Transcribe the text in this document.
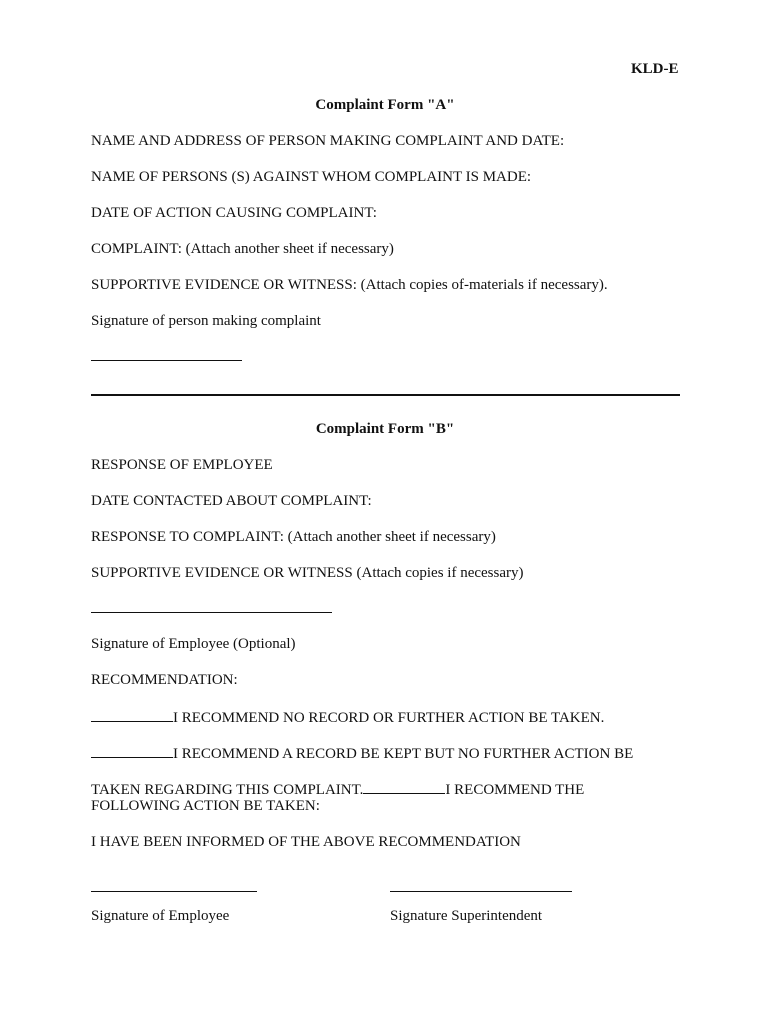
KLD-E
Complaint Form "A"
NAME AND ADDRESS OF PERSON MAKING COMPLAINT AND DATE:
NAME OF PERSONS (S) AGAINST WHOM COMPLAINT IS MADE:
DATE OF ACTION CAUSING COMPLAINT:
COMPLAINT: (Attach another sheet if necessary)
SUPPORTIVE EVIDENCE OR WITNESS: (Attach copies of-materials if necessary).
Signature of person making complaint
Complaint Form "B"
RESPONSE OF EMPLOYEE
DATE CONTACTED ABOUT COMPLAINT:
RESPONSE TO COMPLAINT: (Attach another sheet if necessary)
SUPPORTIVE EVIDENCE OR WITNESS (Attach copies if necessary)
Signature of Employee (Optional)
RECOMMENDATION:
I RECOMMEND NO RECORD OR FURTHER ACTION BE TAKEN.
I RECOMMEND A RECORD BE KEPT BUT NO FURTHER ACTION BE
TAKEN REGARDING THIS COMPLAINT.	I RECOMMEND THE
FOLLOWING ACTION BE TAKEN:
I HAVE BEEN INFORMED OF THE ABOVE RECOMMENDATION
Signature of Employee	Signature Superintendent
